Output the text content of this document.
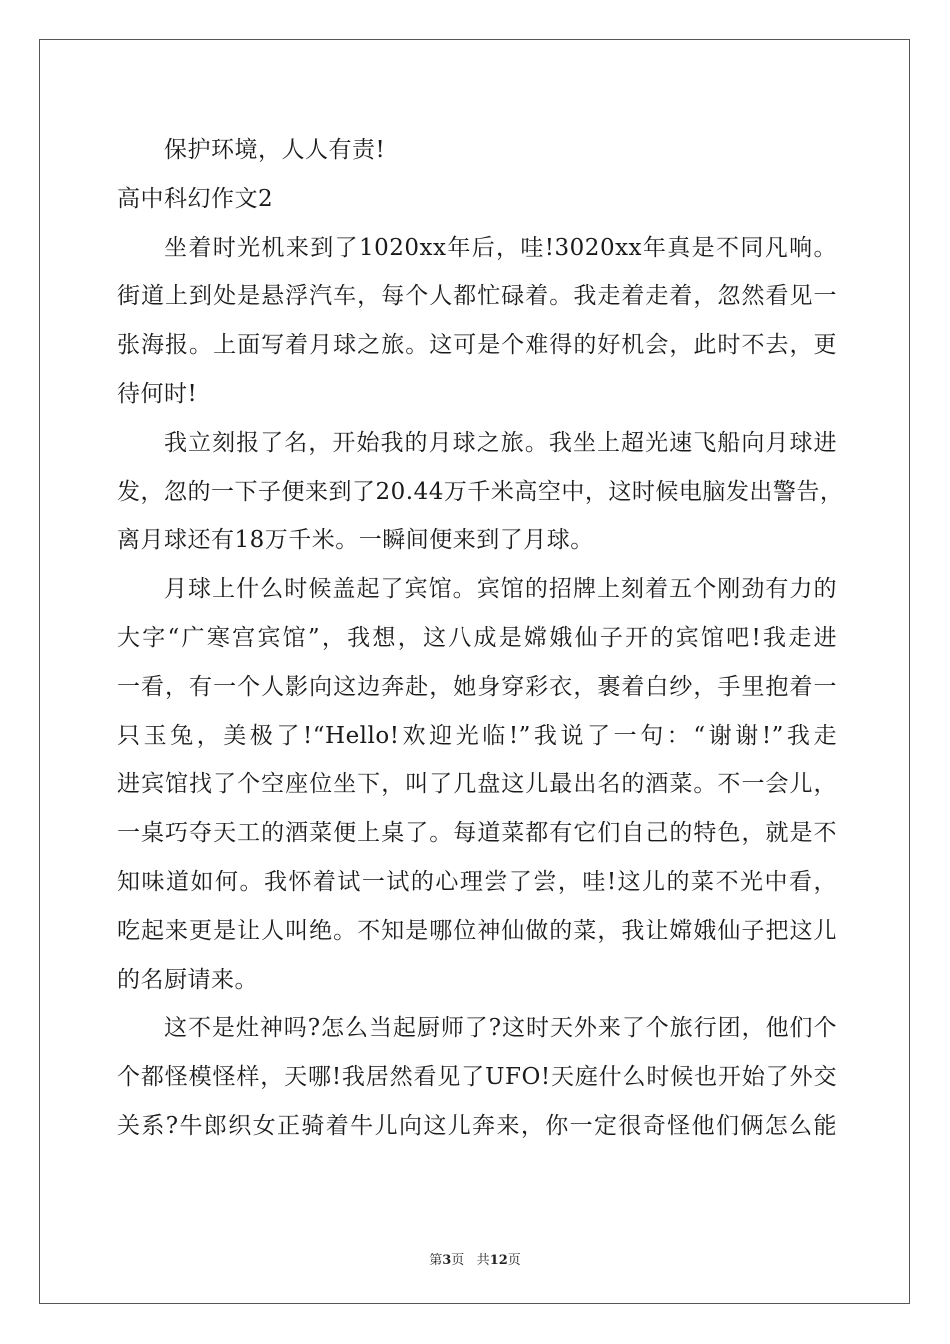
保护环境，人人有责!
高中科幻作文2
坐着时光机来到了1020xx年后，哇!3020xx年真是不同凡响。
街道上到处是悬浮汽车，每个人都忙碌着。我走着走着，忽然看见一
张海报。上面写着月球之旅。这可是个难得的好机会，此时不去，更
待何时!
我立刻报了名，开始我的月球之旅。我坐上超光速飞船向月球进
发，忽的一下子便来到了20.44万千米高空中，这时候电脑发出警告，
离月球还有18万千米。一瞬间便来到了月球。
月球上什么时候盖起了宾馆。宾馆的招牌上刻着五个刚劲有力的
大字“广寒宫宾馆”，我想，这八成是嫦娥仙子开的宾馆吧!我走进
一看，有一个人影向这边奔赴，她身穿彩衣，裹着白纱，手里抱着一
只玉兔，美极了!“Hello!欢迎光临!”我说了一句：“谢谢!”我走
进宾馆找了个空座位坐下，叫了几盘这儿最出名的酒菜。不一会儿，
一桌巧夺天工的酒菜便上桌了。每道菜都有它们自己的特色，就是不
知味道如何。我怀着试一试的心理尝了尝，哇!这儿的菜不光中看，
吃起来更是让人叫绝。不知是哪位神仙做的菜，我让嫦娥仙子把这儿
的名厨请来。
这不是灶神吗?怎么当起厨师了?这时天外来了个旅行团，他们个
个都怪模怪样，天哪!我居然看见了UFO!天庭什么时候也开始了外交
关系?牛郎织女正骑着牛儿向这儿奔来，你一定很奇怪他们俩怎么能
第3页 共12页
